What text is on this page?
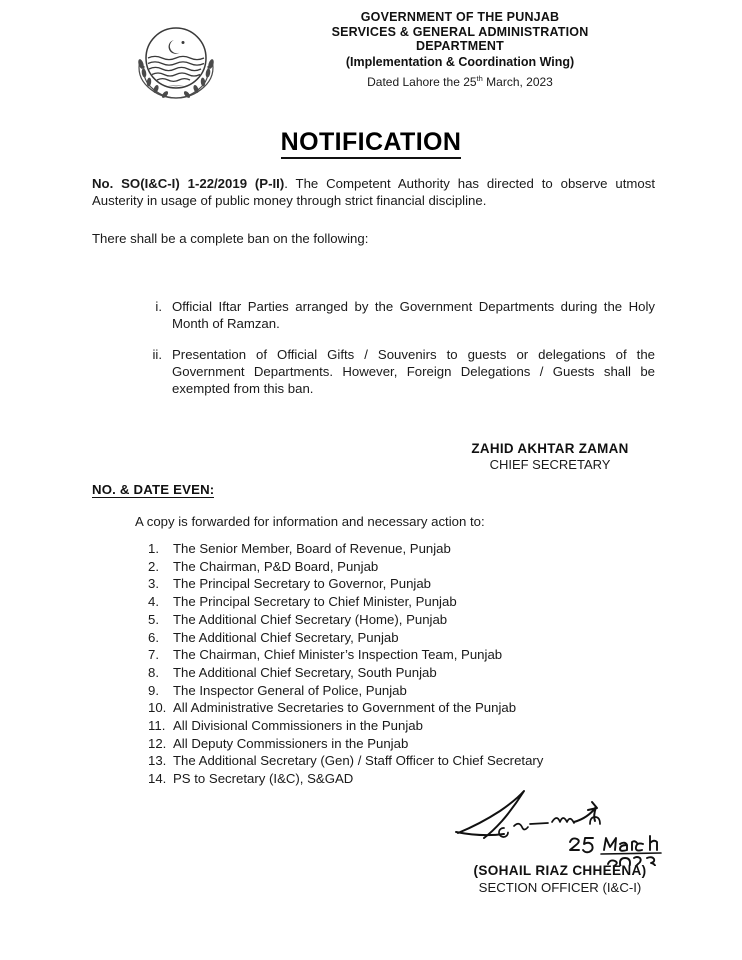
GOVERNMENT OF THE PUNJAB
SERVICES & GENERAL ADMINISTRATION
DEPARTMENT
(Implementation & Coordination Wing)
Dated Lahore the 25th March, 2023
NOTIFICATION
No. SO(I&C-I) 1-22/2019 (P-II). The Competent Authority has directed to observe utmost Austerity in usage of public money through strict financial discipline.
There shall be a complete ban on the following:
i. Official Iftar Parties arranged by the Government Departments during the Holy Month of Ramzan.
ii. Presentation of Official Gifts / Souvenirs to guests or delegations of the Government Departments. However, Foreign Delegations / Guests shall be exempted from this ban.
ZAHID AKHTAR ZAMAN
CHIEF SECRETARY
NO. & DATE EVEN:
A copy is forwarded for information and necessary action to:
1.	The Senior Member, Board of Revenue, Punjab
2.	The Chairman, P&D Board, Punjab
3.	The Principal Secretary to Governor, Punjab
4.	The Principal Secretary to Chief Minister, Punjab
5.	The Additional Chief Secretary (Home), Punjab
6.	The Additional Chief Secretary, Punjab
7.	The Chairman, Chief Minister’s Inspection Team, Punjab
8.	The Additional Chief Secretary, South Punjab
9.	The Inspector General of Police, Punjab
10. All Administrative Secretaries to Government of the Punjab
11. All Divisional Commissioners in the Punjab
12. All Deputy Commissioners in the Punjab
13. The Additional Secretary (Gen) / Staff Officer to Chief Secretary
14. PS to Secretary (I&C), S&GAD
(SOHAIL RIAZ CHHEENA)
SECTION OFFICER (I&C-I)
